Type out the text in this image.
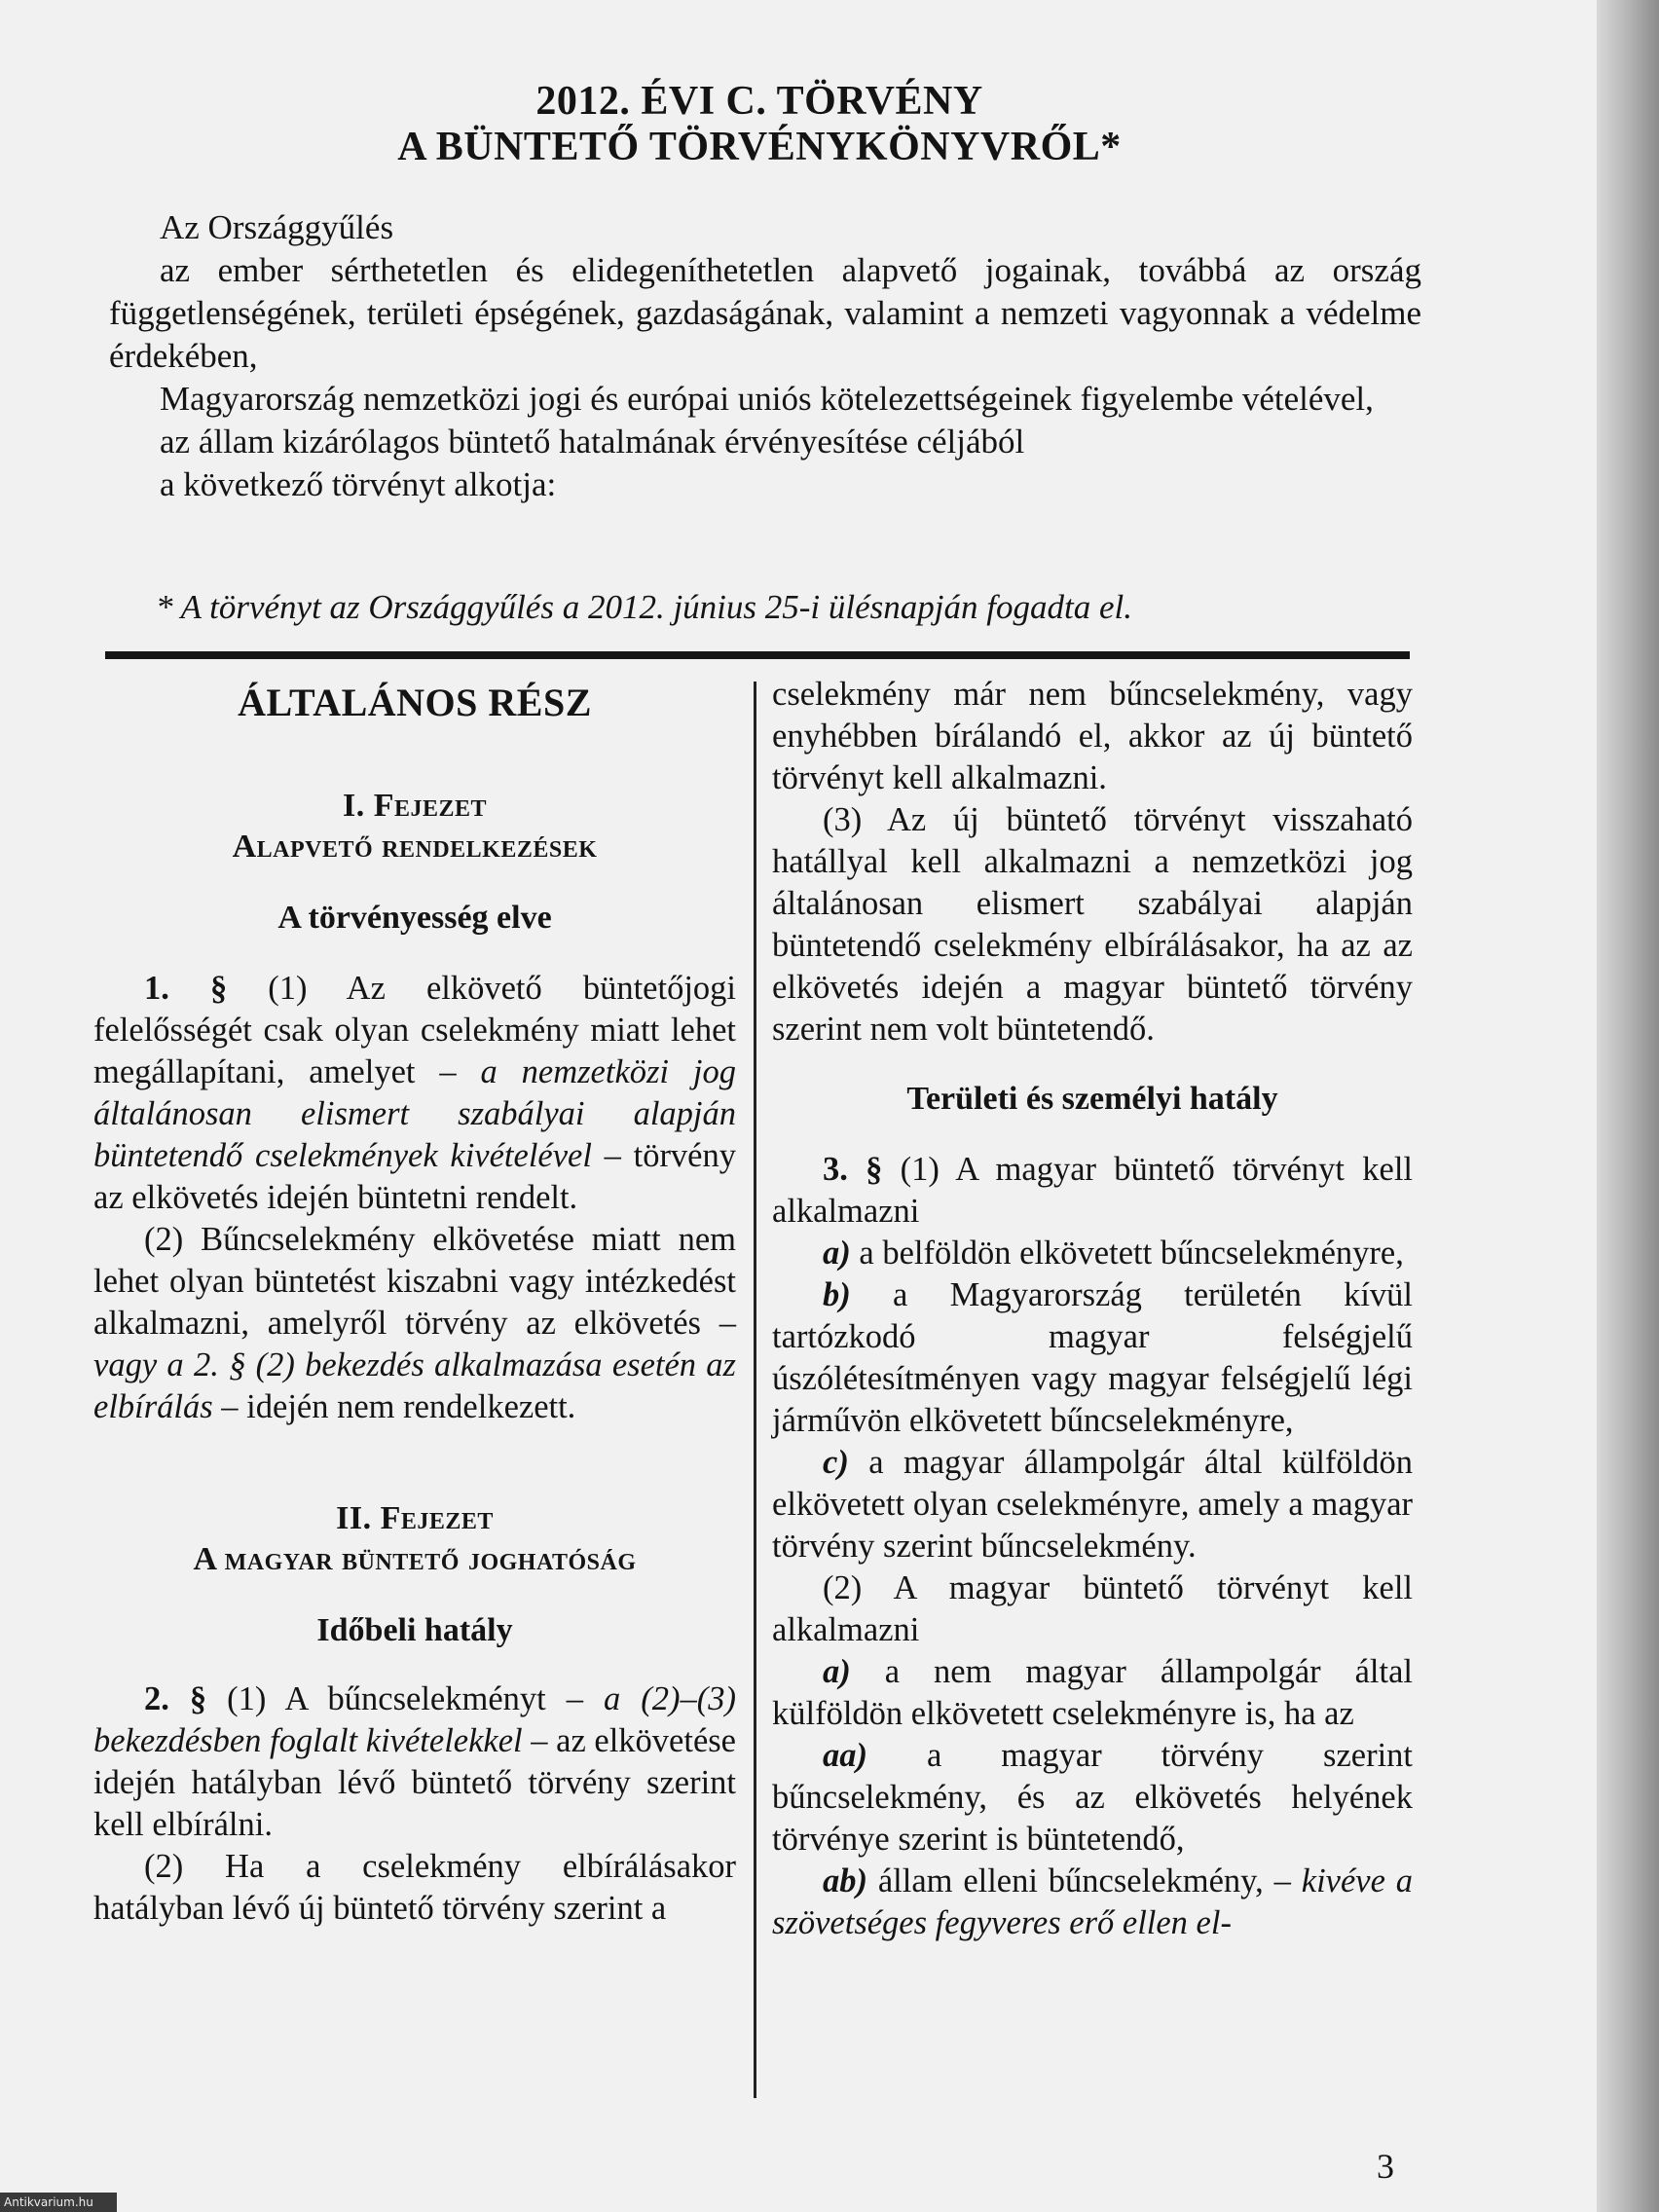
2012. ÉVI C. TÖRVÉNY
A BÜNTETŐ TÖRVÉNYKÖNYVRŐL*

Az Országgyűlés

az ember sérthetetlen és elidegeníthetetlen alapvető jogainak, továbbá az ország függetlenségének, területi épségének, gazdaságának, valamint a nemzeti vagyonnak a védelme érdekében,

Magyarország nemzetközi jogi és európai uniós kötelezettségeinek figyelembe vételével,

az állam kizárólagos büntető hatalmának érvényesítése céljából

a következő törvényt alkotja:

* A törvényt az Országgyűlés a 2012. június 25-i ülésnapján fogadta el.
ÁLTALÁNOS RÉSZ
I. Fejezet
Alapvető rendelkezések
A törvényesség elve

1. § (1) Az elkövető büntetőjogi felelősségét csak olyan cselekmény miatt lehet megállapítani, amelyet – a nemzetközi jog általánosan elismert szabályai alapján büntetendő cselekmények kivételével – törvény az elkövetés idején büntetni rendelt.

(2) Bűncselekmény elkövetése miatt nem lehet olyan büntetést kiszabni vagy intézkedést alkalmazni, amelyről törvény az elkövetés – vagy a 2. § (2) bekezdés alkalmazása esetén az elbírálás – idején nem rendelkezett.

II. Fejezet
A magyar büntető joghatóság
Időbeli hatály

2. § (1) A bűncselekményt – a (2)–(3) bekezdésben foglalt kivételekkel – az elkövetése idején hatályban lévő büntető törvény szerint kell elbírálni.

(2) Ha a cselekmény elbírálásakor hatályban lévő új büntető törvény szerint a

cselekmény már nem bűncselekmény, vagy enyhébben bírálandó el, akkor az új büntető törvényt kell alkalmazni.

(3) Az új büntető törvényt visszaható hatállyal kell alkalmazni a nemzetközi jog általánosan elismert szabályai alapján büntetendő cselekmény elbírálásakor, ha az az elkövetés idején a magyar büntető törvény szerint nem volt büntetendő.

Területi és személyi hatály

3. § (1) A magyar büntető törvényt kell alkalmazni

a) a belföldön elkövetett bűncselekményre,

b) a Magyarország területén kívül tartózkodó magyar felségjelű úszólétesítményen vagy magyar felségjelű légi járművön elkövetett bűncselekményre,

c) a magyar állampolgár által külföldön elkövetett olyan cselekményre, amely a magyar törvény szerint bűncselekmény.

(2) A magyar büntető törvényt kell alkalmazni

a) a nem magyar állampolgár által külföldön elkövetett cselekményre is, ha az

aa) a magyar törvény szerint bűncselekmény, és az elkövetés helyének törvénye szerint is büntetendő,

ab) állam elleni bűncselekmény, – kivéve a szövetséges fegyveres erő ellen el-

3
Antikvarium.hu
